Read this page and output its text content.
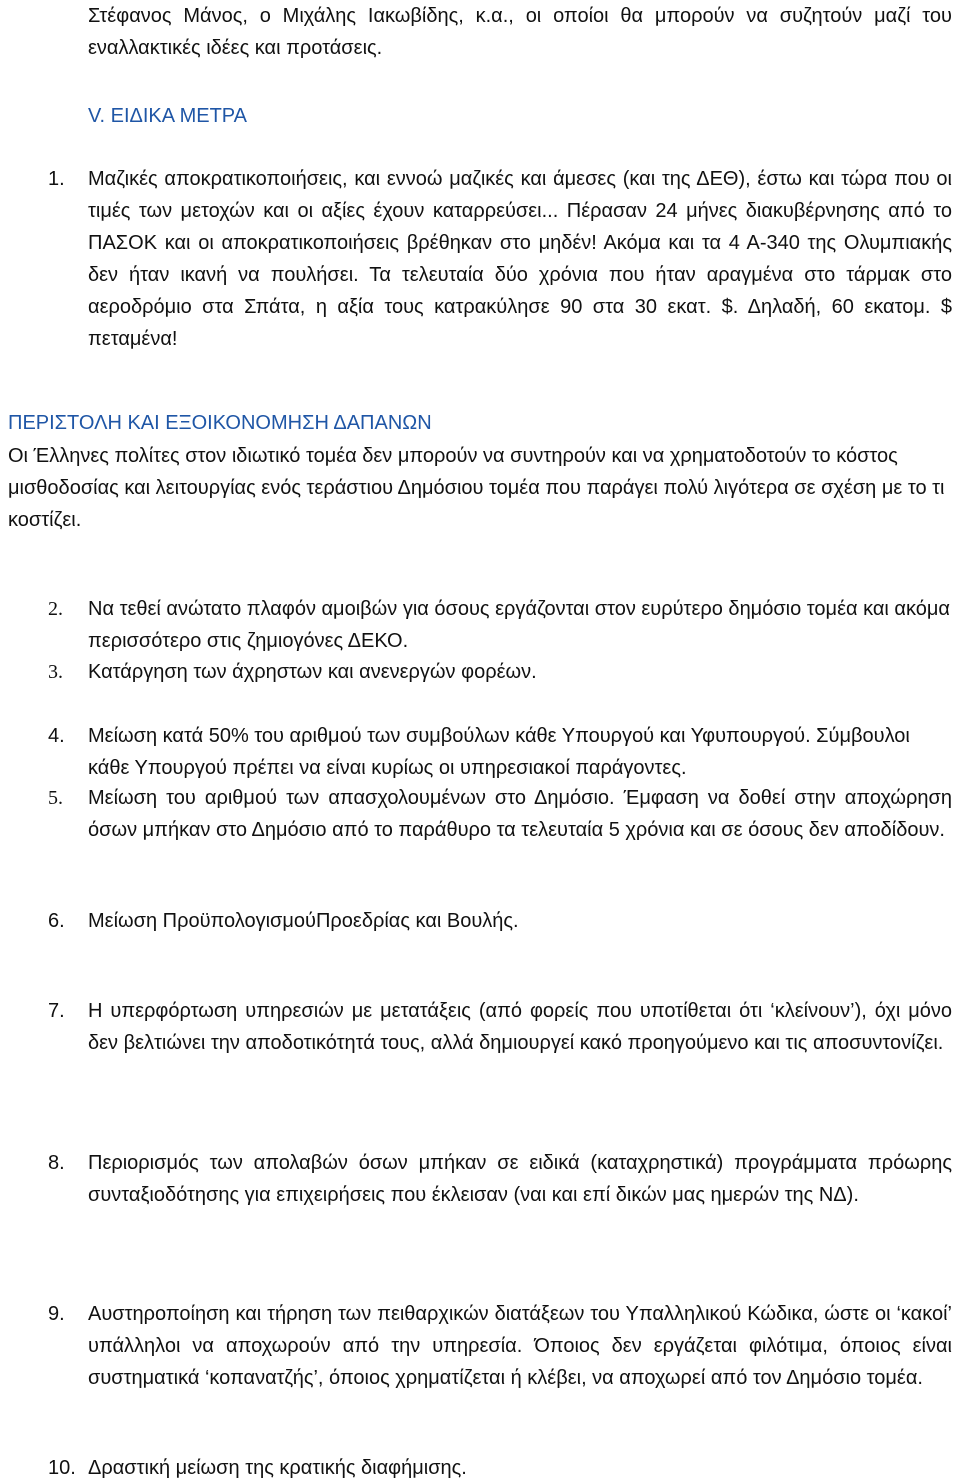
Στέφανος Μάνος, ο Μιχάλης Ιακωβίδης, κ.α., οι οποίοι θα μπορούν να συζητούν μαζί του εναλλακτικές ιδέες και προτάσεις.

V. ΕΙΔΙΚΑ ΜΕΤΡΑ

1.	Μαζικές αποκρατικοποιήσεις, και εννοώ μαζικές και άμεσες (και της ΔΕΘ), έστω και τώρα που οι τιμές των μετοχών και οι αξίες έχουν καταρρεύσει... Πέρασαν 24 μήνες διακυβέρνησης από το ΠΑΣΟΚ και οι αποκρατικοποιήσεις βρέθηκαν στο μηδέν! Ακόμα και τα 4 Α-340 της Ολυμπιακής δεν ήταν ικανή να πουλήσει. Τα τελευταία δύο χρόνια που ήταν αραγμένα στο τάρμακ στο αεροδρόμιο στα Σπάτα, η αξία τους κατρακύλησε 90 στα 30 εκατ. $. Δηλαδή, 60 εκατομ. $ πεταμένα!

ΠΕΡΙΣΤΟΛΗ ΚΑΙ ΕΞΟΙΚΟΝΟΜΗΣΗ ΔΑΠΑΝΩΝ

Οι Έλληνες πολίτες στον ιδιωτικό τομέα δεν μπορούν να συντηρούν και να χρηματοδοτούν το κόστος μισθοδοσίας και λειτουργίας ενός τεράστιου Δημόσιου τομέα που παράγει πολύ λιγότερα σε σχέση με το τι κοστίζει.

2.	Να τεθεί ανώτατο πλαφόν αμοιβών για όσους εργάζονται στον ευρύτερο δημόσιο τομέα και ακόμα περισσότερο στις ζημιογόνες ΔΕΚΟ.
3.	Κατάργηση των άχρηστων και ανενεργών φορέων.
4.	Μείωση κατά 50% του αριθμού των συμβούλων κάθε Υπουργού και Υφυπουργού. Σύμβουλοι κάθε Υπουργού πρέπει να είναι κυρίως οι υπηρεσιακοί παράγοντες.
5.	Μείωση του αριθμού των απασχολουμένων στο Δημόσιο. Έμφαση να δοθεί στην αποχώρηση όσων μπήκαν στο Δημόσιο από το παράθυρο τα τελευταία 5 χρόνια και σε όσους δεν αποδίδουν.
6.	Μείωση ΠροϋπολογισμούΠροεδρίας και Βουλής.
7.	Η υπερφόρτωση υπηρεσιών με μετατάξεις (από φορείς που υποτίθεται ότι ‘κλείνουν’), όχι μόνο δεν βελτιώνει την αποδοτικότητά τους, αλλά δημιουργεί κακό προηγούμενο και τις αποσυντονίζει.
8.	Περιορισμός των απολαβών όσων μπήκαν σε ειδικά (καταχρηστικά) προγράμματα πρόωρης συνταξιοδότησης για επιχειρήσεις που έκλεισαν (ναι και επί δικών μας ημερών της ΝΔ).
9.	Αυστηροποίηση και τήρηση των πειθαρχικών διατάξεων του Υπαλληλικού Κώδικα, ώστε οι ‘κακοί’ υπάλληλοι να αποχωρούν από την υπηρεσία. Όποιος δεν εργάζεται φιλότιμα, όποιος είναι συστηματικά ‘κοπανατζής’, όποιος χρηματίζεται ή κλέβει, να αποχωρεί από τον Δημόσιο τομέα.
10. Δραστική μείωση της κρατικής διαφήμισης.
